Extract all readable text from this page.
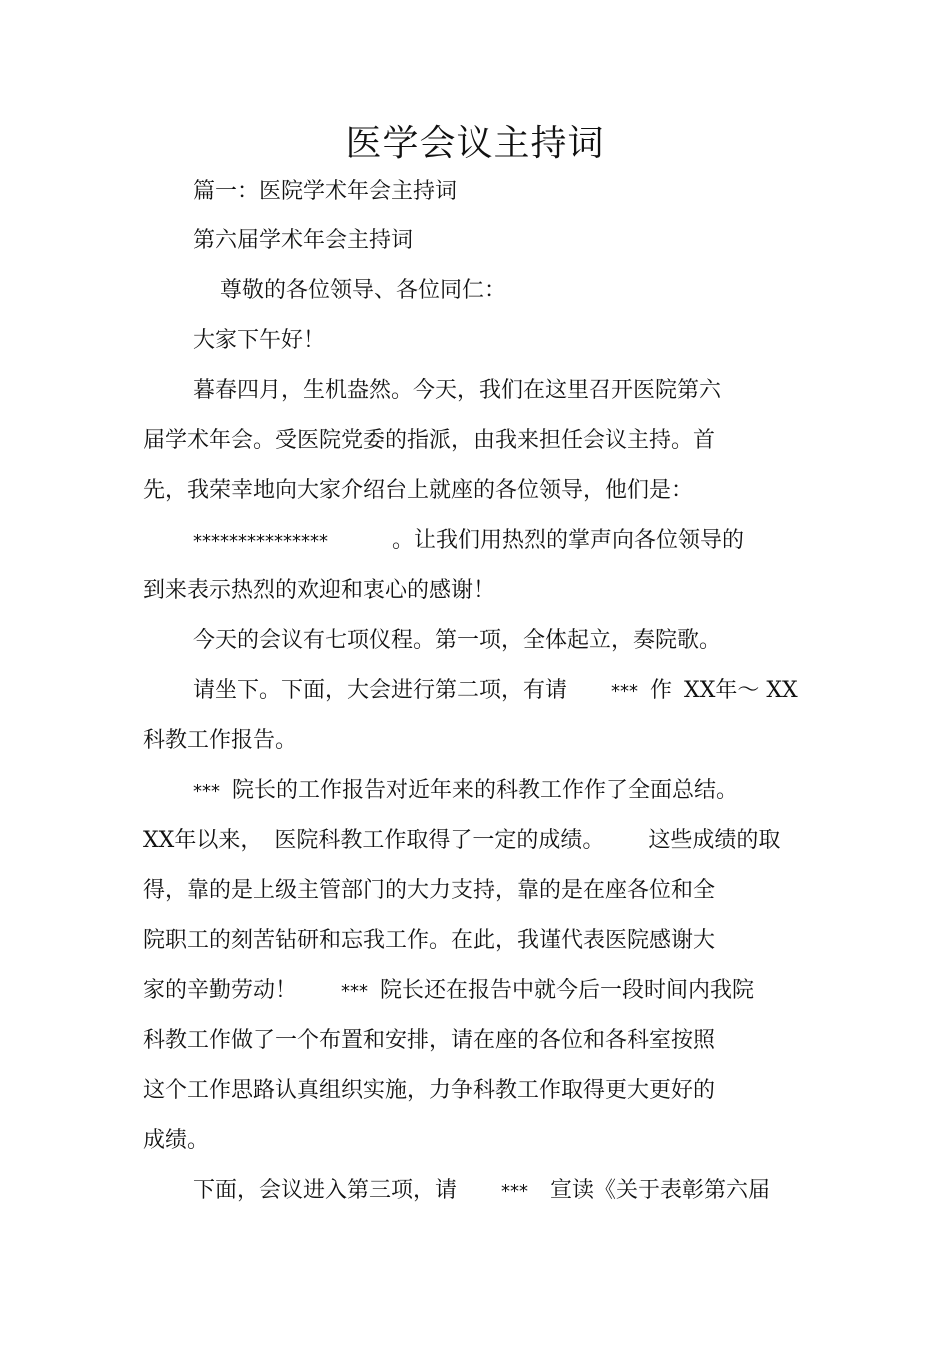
医学会议主持词
篇一：医院学术年会主持词
第六届学术年会主持词
尊敬的各位领导、各位同仁：
大家下午好！
暮春四月，生机盎然。今天，我们在这里召开医院第六
届学术年会。受医院党委的指派，由我来担任会议主持。首
先，我荣幸地向大家介绍台上就座的各位领导，他们是：
***************	。让我们用热烈的掌声向各位领导的
到来表示热烈的欢迎和衷心的感谢！
今天的会议有七项仪程。第一项，全体起立，奏院歌。
请坐下。下面，大会进行第二项，有请 *** 作 XX年～ XX
科教工作报告。
*** 院长的工作报告对近年来的科教工作作了全面总结。
XX年以来， 医院科教工作取得了一定的成绩。 这些成绩的取
得，靠的是上级主管部门的大力支持，靠的是在座各位和全
院职工的刻苦钻研和忘我工作。在此，我谨代表医院感谢大
家的辛勤劳动！ *** 院长还在报告中就今后一段时间内我院
科教工作做了一个布置和安排，请在座的各位和各科室按照
这个工作思路认真组织实施，力争科教工作取得更大更好的
成绩。
下面，会议进入第三项，请 *** 宣读《关于表彰第六届
